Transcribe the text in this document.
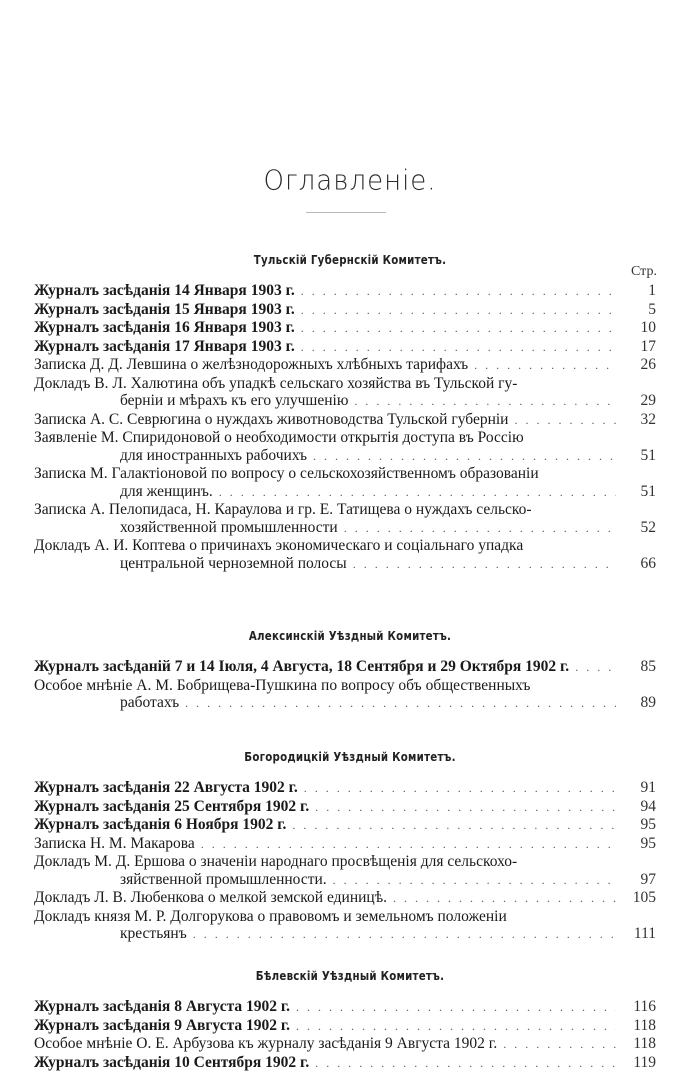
Оглавленіе.
Стр.
Тульскій Губернскій Комитетъ.
Журналъ засѣданія 14 Января 1903 г. . . .	1
Журналъ засѣданія 15 Января 1903 г. . . .	5
Журналъ засѣданія 16 Января 1903 г. . . .	10
Журналъ засѣданія 17 Января 1903 г. . . .	17
Записка Д. Д. Левшина о желѣзнодорожныхъ хлѣбныхъ тарифахъ . . .	26
Докладъ В. Л. Халютина объ упадкѣ сельскаго хозяйства въ Тульской гу-
берніи и мѣрахъ къ его улучшенію . . .	29
Записка А. С. Севрюгина о нуждахъ животноводства Тульской губерніи . . .	32
Заявленіе М. Спиридоновой о необходимости открытія доступа въ Россію
для иностранныхъ рабочихъ . . .	51
Записка М. Галактіоновой по вопросу о сельскохозяйственномъ образованіи
для женщинъ. . . .	51
Записка А. Пелопидаса, Н. Караулова и гр. Е. Татищева о нуждахъ сельско-
хозяйственной промышленности . . .	52
Докладъ А. И. Коптева о причинахъ экономическаго и соціальнаго упадка
центральной черноземной полосы . . .	66
Алексинскій Уѣздный Комитетъ.
Журналъ засѣданій 7 и 14 Іюля, 4 Августа, 18 Сентября и 29 Октября 1902 г. . . .	85
Особое мнѣніе А. М. Бобрищева-Пушкина по вопросу объ общественныхъ
работахъ . . .	89
Богородицкій Уѣздный Комитетъ.
Журналъ засѣданія 22 Августа 1902 г. . . .	91
Журналъ засѣданія 25 Сентября 1902 г. . . .	94
Журналъ засѣданія 6 Ноября 1902 г. . . .	95
Записка Н. М. Макарова . . .	95
Докладъ М. Д. Ершова о значеніи народнаго просвѣщенія для сельскохо-
зяйственной промышленности. . . .	97
Докладъ Л. В. Любенкова о мелкой земской единицѣ. . . .	105
Докладъ князя М. Р. Долгорукова о правовомъ и земельномъ положеніи
крестьянъ . . .	111
Бѣлевскій Уѣздный Комитетъ.
Журналъ засѣданія 8 Августа 1902 г. . . .	116
Журналъ засѣданія 9 Августа 1902 г. . . .	118
Особое мнѣніе О. Е. Арбузова къ журналу засѣданія 9 Августа 1902 г. . . .	118
Журналъ засѣданія 10 Сентября 1902 г. . . .	119
